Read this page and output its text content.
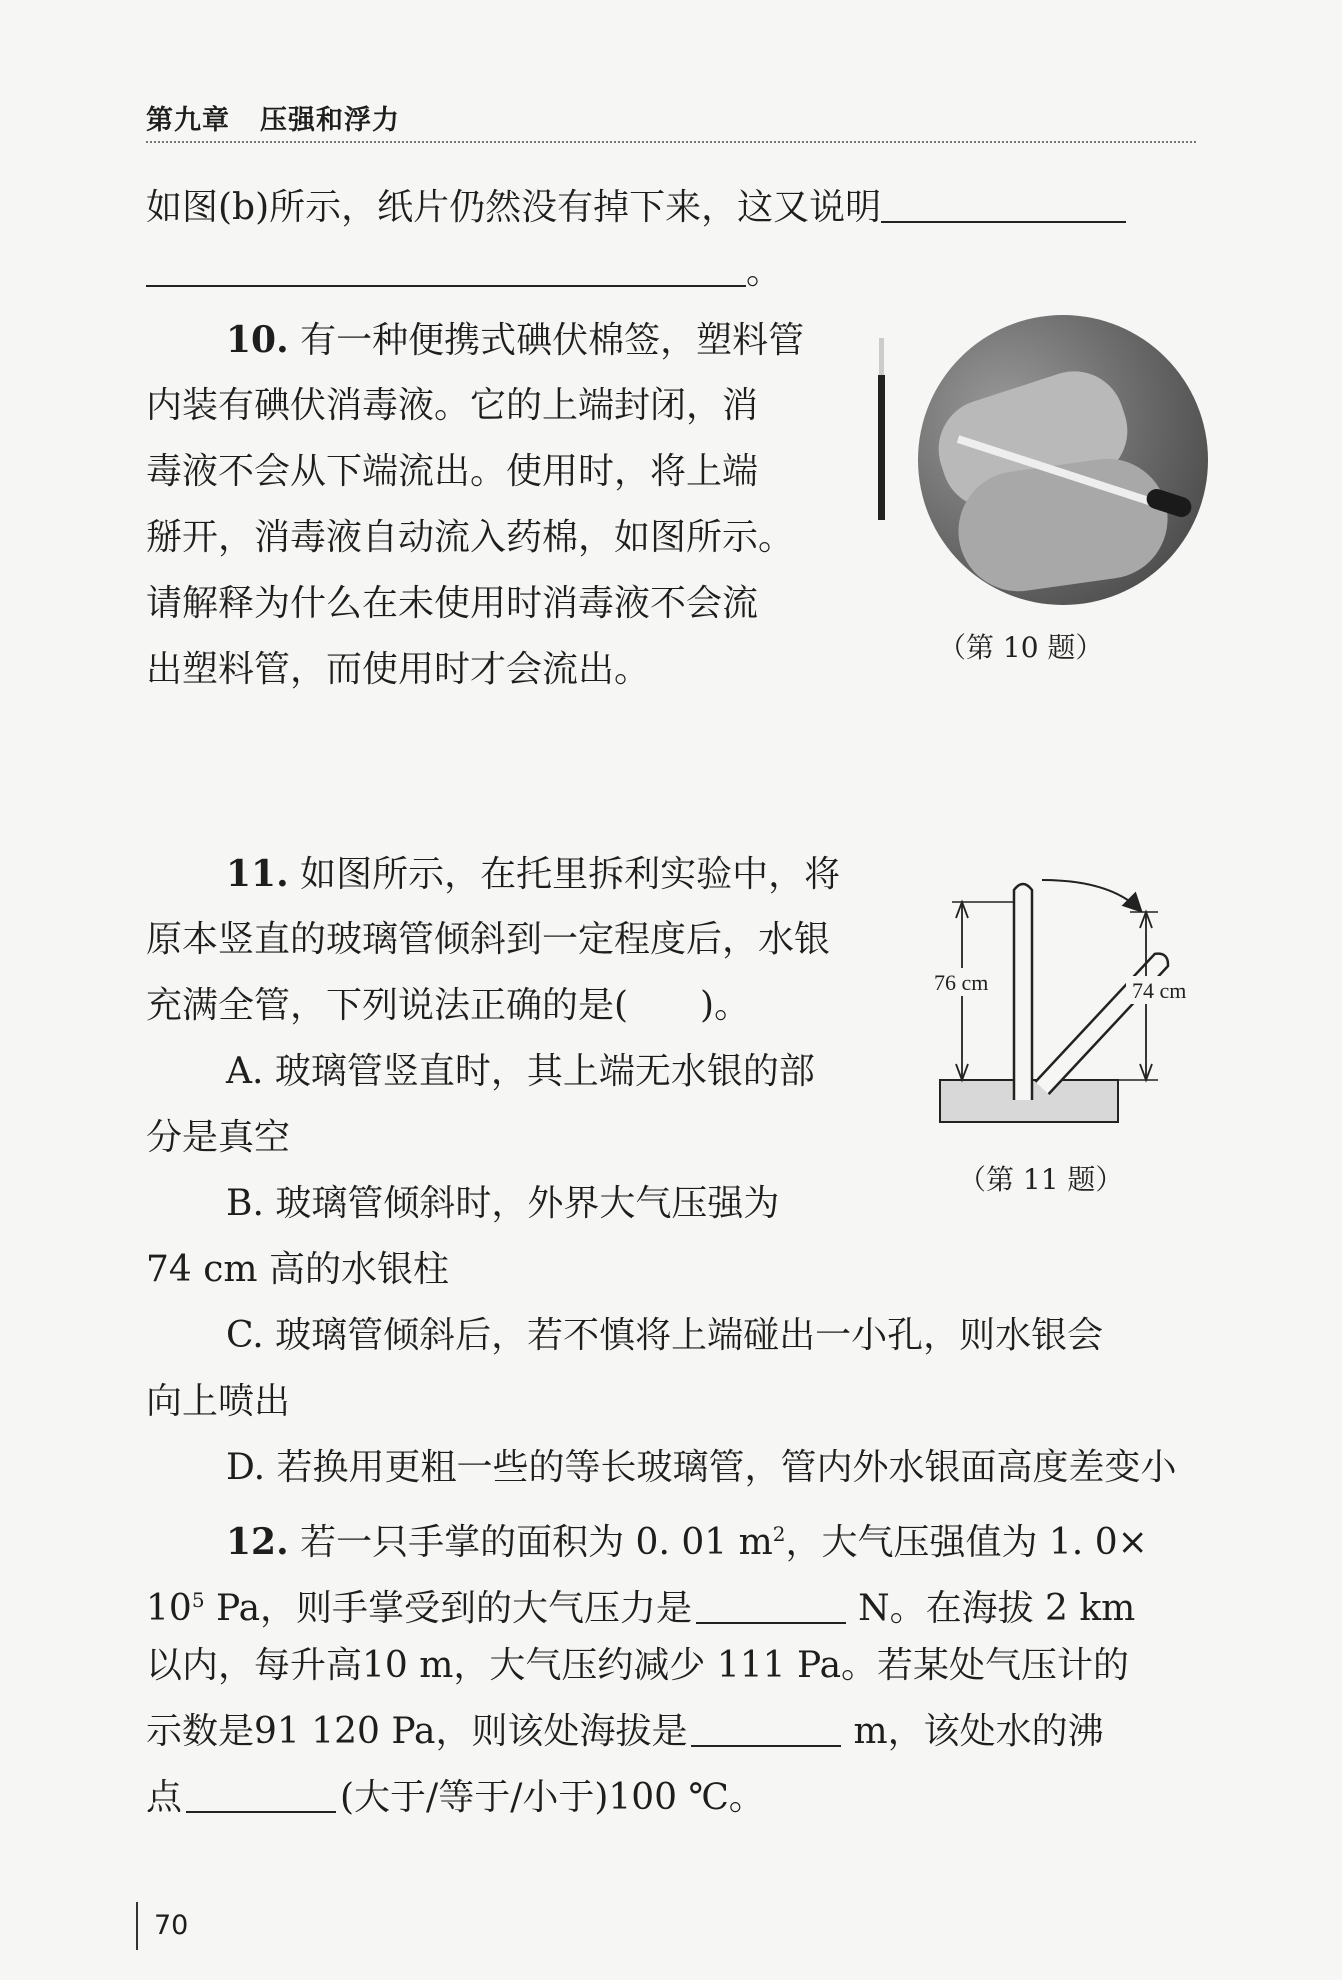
第九章 压强和浮力
如图(b)所示，纸片仍然没有掉下来，这又说明
。
10. 有一种便携式碘伏棉签，塑料管
内装有碘伏消毒液。它的上端封闭，消
毒液不会从下端流出。使用时，将上端
掰开，消毒液自动流入药棉，如图所示。
请解释为什么在未使用时消毒液不会流
出塑料管，而使用时才会流出。
（第 10 题）
11. 如图所示，在托里拆利实验中，将
原本竖直的玻璃管倾斜到一定程度后，水银
充满全管，下列说法正确的是(　　)。
A. 玻璃管竖直时，其上端无水银的部
分是真空
B. 玻璃管倾斜时，外界大气压强为
74 cm 高的水银柱
C. 玻璃管倾斜后，若不慎将上端碰出一小孔，则水银会
向上喷出
D. 若换用更粗一些的等长玻璃管，管内外水银面高度差变小
76 cm	74 cm
（第 11 题）
12. 若一只手掌的面积为 0. 01 $m^2$，大气压强值为 1. 0×
$10^5$ Pa，则手掌受到的大气压力是	N。在海拔 2 km
以内，每升高10 m，大气压约减少 111 Pa。若某处气压计的
示数是91 120 Pa，则该处海拔是	m，该处水的沸
点	(大于/等于/小于)100 ℃。
70
